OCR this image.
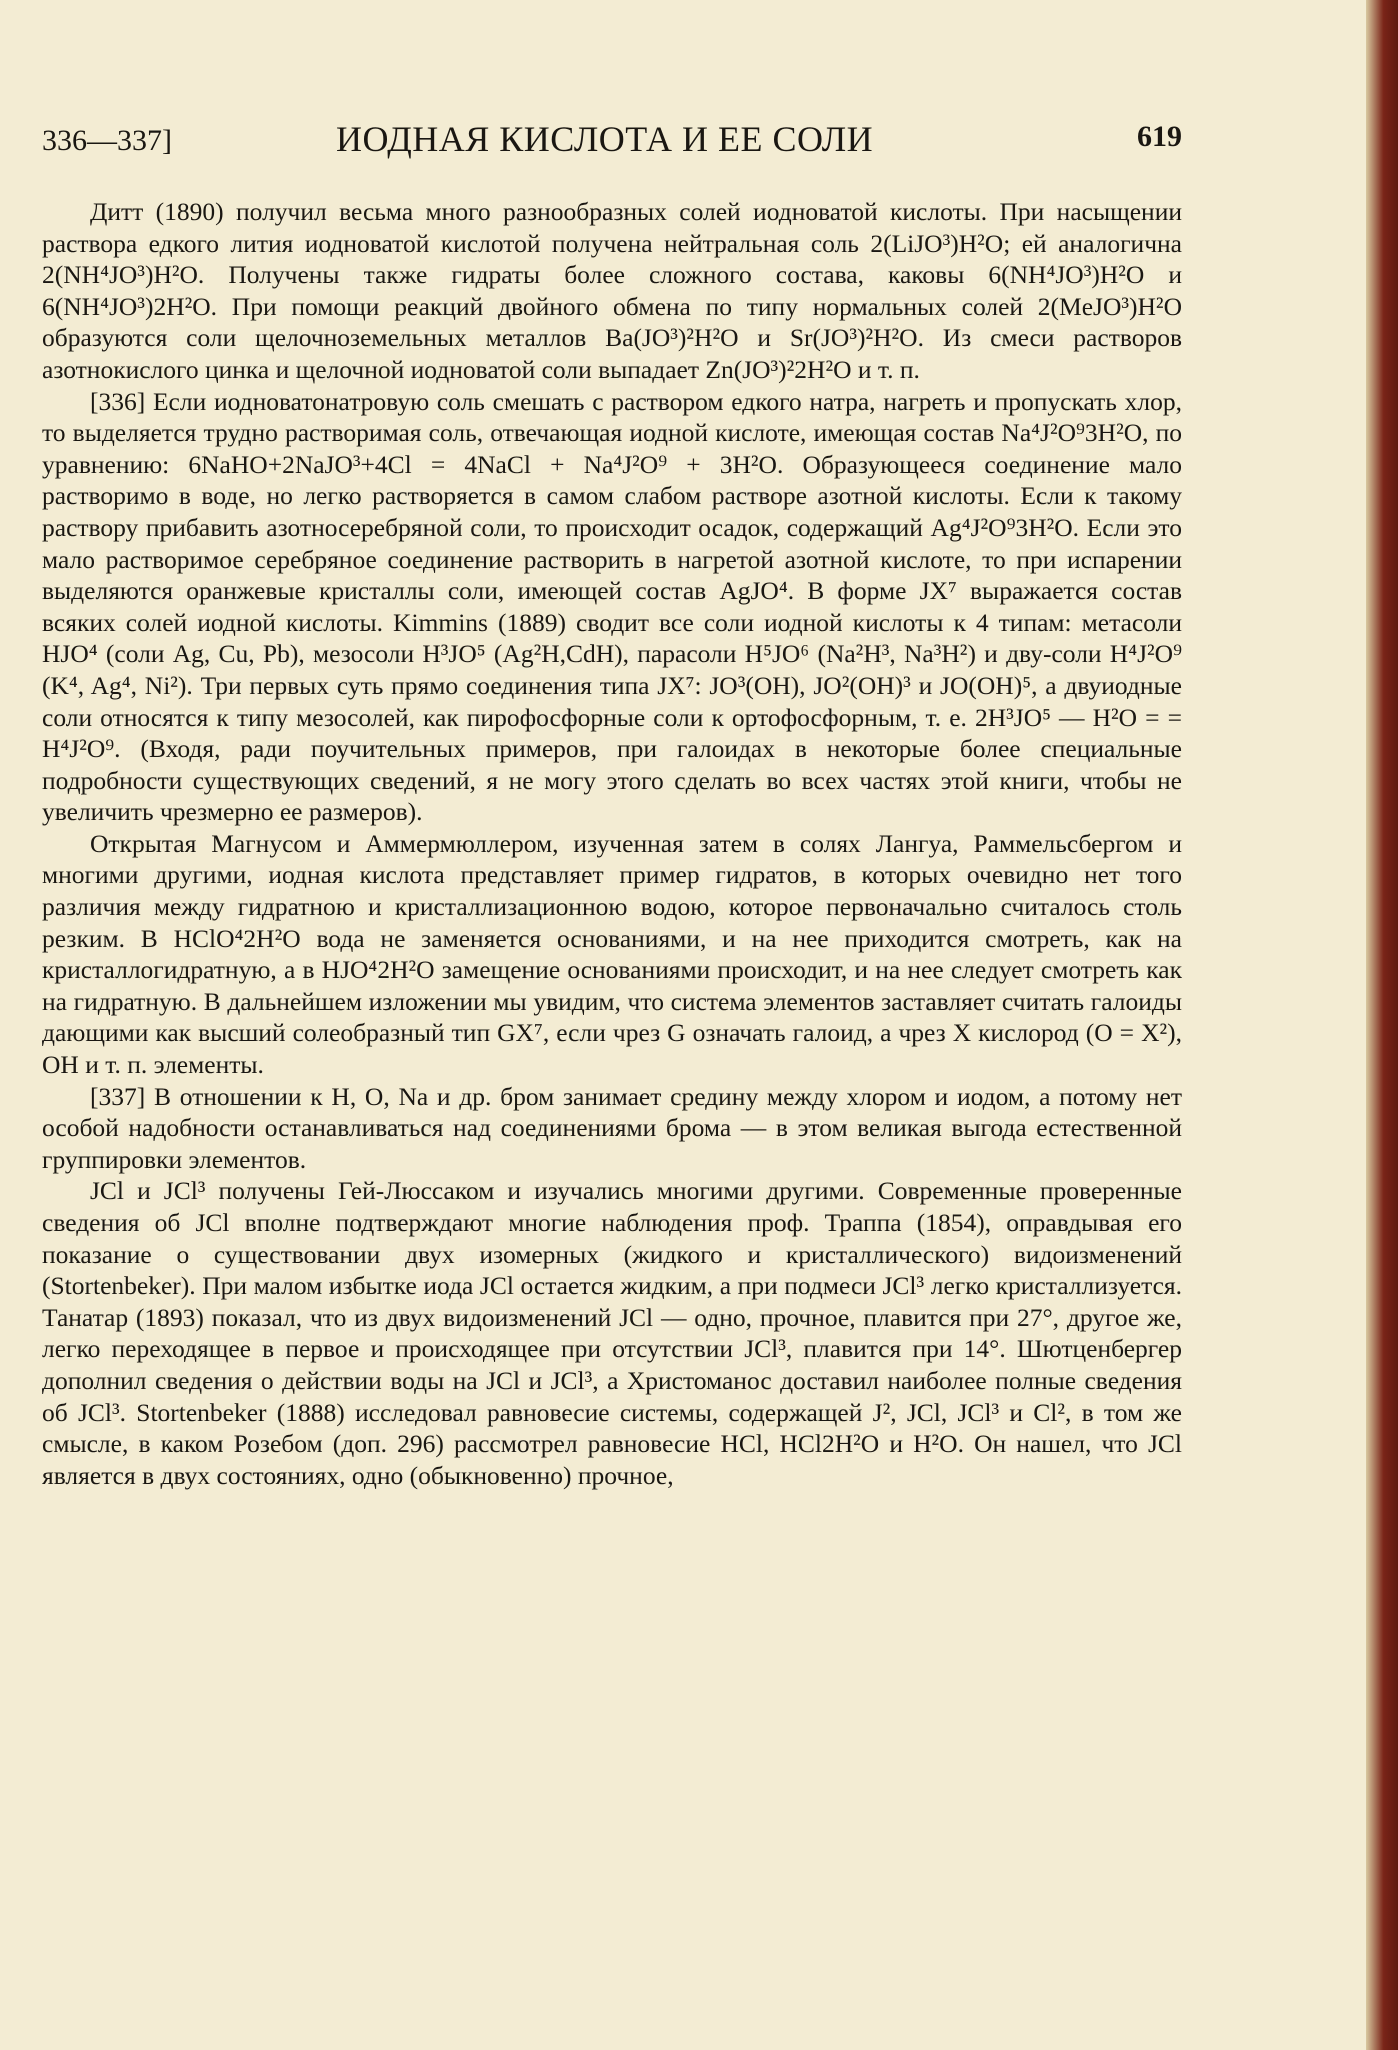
336—337]	ИОДНАЯ КИСЛОТА И ЕЕ СОЛИ	619

Дитт (1890) получил весьма много разнообразных солей иодноватой кислоты. При насыщении раствора едкого лития иодноватой кислотой получена нейтральная соль 2(LiJO³)H²O; ей аналогична 2(NH⁴JO³)H²O. Получены также гидраты более сложного состава, каковы 6(NH⁴JO³)H²O и 6(NH⁴JO³)2H²O. При помощи реакций двойного обмена по типу нормальных солей 2(MeJO³)H²O образуются соли щелочноземельных металлов Ba(JO³)²H²O и Sr(JO³)²H²O. Из смеси растворов азотнокислого цинка и щелочной иодноватой соли выпадает Zn(JO³)²2H²O и т. п.

[336] Если иодноватонатровую соль смешать с раствором едкого натра, нагреть и пропускать хлор, то выделяется трудно растворимая соль, отвечающая иодной кислоте, имеющая состав Na⁴J²O⁹3H²O, по уравнению: 6NaHO+2NaJO³+4Cl = 4NaCl + Na⁴J²O⁹ + 3H²O. Образующееся соединение мало растворимо в воде, но легко растворяется в самом слабом растворе азотной кислоты. Если к такому раствору прибавить азотносеребряной соли, то происходит осадок, содержащий Ag⁴J²O⁹3H²O. Если это мало растворимое серебряное соединение растворить в нагретой азотной кислоте, то при испарении выделяются оранжевые кристаллы соли, имеющей состав AgJO⁴. В форме JX⁷ выражается состав всяких солей иодной кислоты. Kimmins (1889) сводит все соли иодной кислоты к 4 типам: метасоли HJO⁴ (соли Ag, Cu, Pb), мезосоли H³JO⁵ (Ag²H,CdH), парасоли H⁵JO⁶ (Na²H³, Na³H²) и дву-соли H⁴J²O⁹ (K⁴, Ag⁴, Ni²). Три первых суть прямо соединения типа JX⁷: JO³(OH), JO²(OH)³ и JO(OH)⁵, а двуиодные соли относятся к типу мезосолей, как пирофосфорные соли к ортофосфорным, т. е. 2H³JO⁵ — H²O = = H⁴J²O⁹. (Входя, ради поучительных примеров, при галоидах в некоторые более специальные подробности существующих сведений, я не могу этого сделать во всех частях этой книги, чтобы не увеличить чрезмерно ее размеров).

Открытая Магнусом и Аммермюллером, изученная затем в солях Лангуа, Раммельсбергом и многими другими, иодная кислота представляет пример гидратов, в которых очевидно нет того различия между гидратною и кристаллизационною водою, которое первоначально считалось столь резким. В HClO⁴2H²O вода не заменяется основаниями, и на нее приходится смотреть, как на кристаллогидратную, а в HJO⁴2H²O замещение основаниями происходит, и на нее следует смотреть как на гидратную. В дальнейшем изложении мы увидим, что система элементов заставляет считать галоиды дающими как высший солеобразный тип GX⁷, если чрез G означать галоид, а чрез X кислород (O = X²), OH и т. п. элементы.

[337] В отношении к H, O, Na и др. бром занимает средину между хлором и иодом, а потому нет особой надобности останавливаться над соединениями брома — в этом великая выгода естественной группировки элементов.

JCl и JCl³ получены Гей-Люссаком и изучались многими другими. Современные проверенные сведения об JCl вполне подтверждают многие наблюдения проф. Траппа (1854), оправдывая его показание о существовании двух изомерных (жидкого и кристаллического) видоизменений (Stortenbeker). При малом избытке иода JCl остается жидким, а при подмеси JCl³ легко кристаллизуется. Танатар (1893) показал, что из двух видоизменений JCl — одно, прочное, плавится при 27°, другое же, легко переходящее в первое и происходящее при отсутствии JCl³, плавится при 14°. Шютценбергер дополнил сведения о действии воды на JCl и JCl³, а Христоманос доставил наиболее полные сведения об JCl³. Stortenbeker (1888) исследовал равновесие системы, содержащей J², JCl, JCl³ и Cl², в том же смысле, в каком Розебом (доп. 296) рассмотрел равновесие HCl, HCl2H²O и H²O. Он нашел, что JCl является в двух состояниях, одно (обыкновенно) прочное,
